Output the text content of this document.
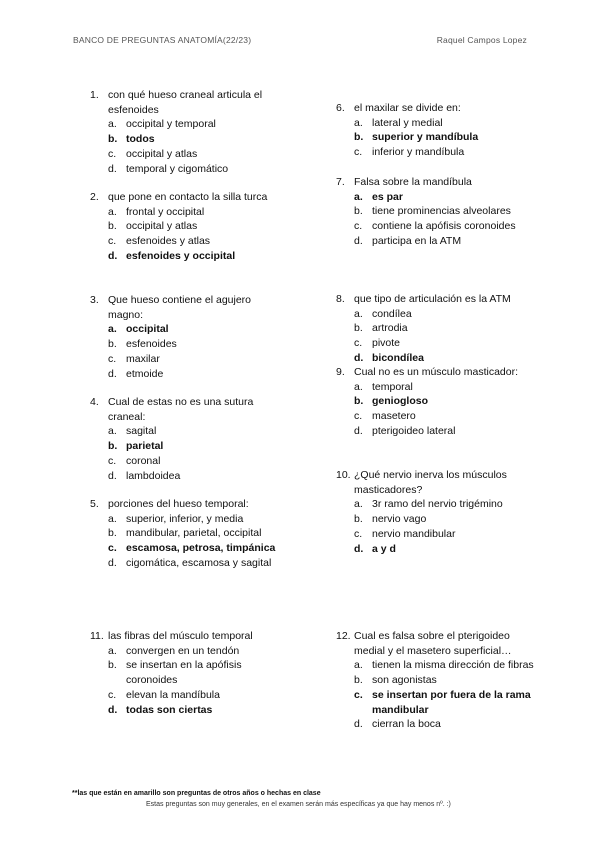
BANCO DE PREGUNTAS ANATOMÍA(22/23)	Raquel Campos Lopez
1. con qué hueso craneal articula el esfenoides
a. occipital y temporal
b. todos
c. occipital y atlas
d. temporal y cigomático
2. que pone en contacto la silla turca
a. frontal y occipital
b. occipital y atlas
c. esfenoides y atlas
d. esfenoides y occipital
3. Que hueso contiene el agujero magno:
a. occipital
b. esfenoides
c. maxilar
d. etmoide
4. Cual de estas no es una sutura craneal:
a. sagital
b. parietal
c. coronal
d. lambdoidea
5. porciones del hueso temporal:
a. superior, inferior, y media
b. mandibular, parietal, occipital
c. escamosa, petrosa, timpánica
d. cigomática, escamosa y sagital
11. las fibras del músculo temporal
a. convergen en un tendón
b. se insertan en la apófisis coronoides
c. elevan la mandíbula
d. todas son ciertas
6. el maxilar se divide en:
a. lateral y medial
b. superior y mandíbula
c. inferior y mandíbula
7. Falsa sobre la mandíbula
a. es par
b. tiene prominencias alveolares
c. contiene la apófisis coronoides
d. participa en la ATM
8. que tipo de articulación es la ATM
a. condílea
b. artrodia
c. pivote
d. bicondílea
9. Cual no es un músculo masticador:
a. temporal
b. geniogloso
c. masetero
d. pterigoideo lateral
10. ¿Qué nervio inerva los músculos masticadores?
a. 3r ramo del nervio trigémino
b. nervio vago
c. nervio mandibular
d. a y d
12. Cual es falsa sobre el pterigoideo medial y el masetero superficial…
a. tienen la misma dirección de fibras
b. son agonistas
c. se insertan por fuera de la rama mandibular
d. cierran la boca
**las que están en amarillo son preguntas de otros años o hechas en clase
Estas preguntas son muy generales, en el examen serán más específicas ya que hay menos nº. :)
